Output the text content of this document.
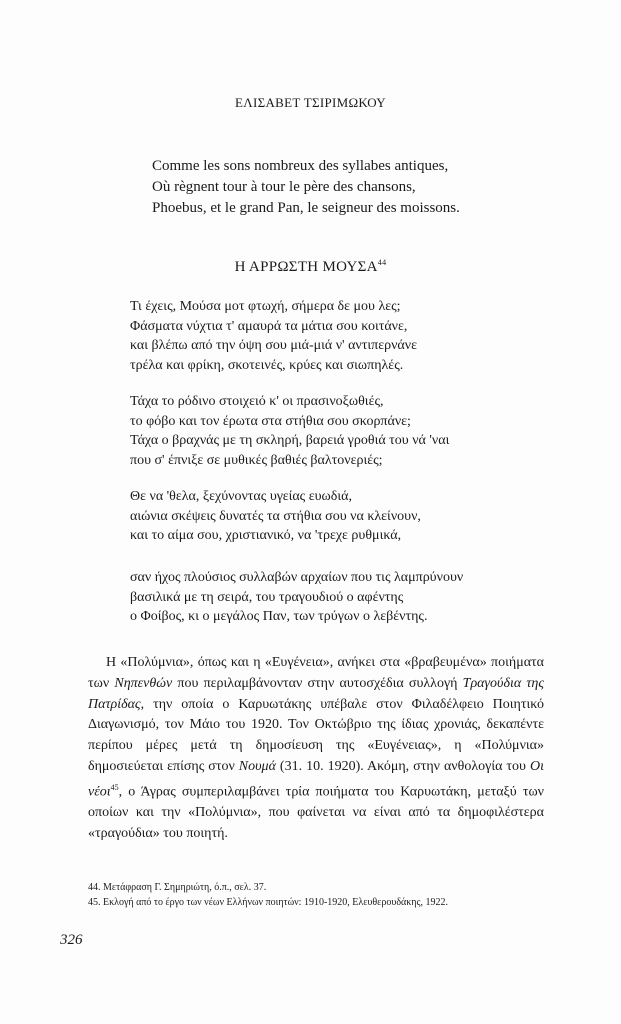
ΕΛΙΣΑΒΕΤ ΤΣΙΡΙΜΩΚΟΥ
Comme les sons nombreux des syllabes antiques,
Où règnent tour à tour le père des chansons,
Phoebus, et le grand Pan, le seigneur des moissons.
Η ΑΡΡΩΣΤΗ ΜΟΥΣΑ$^{44}$
Τι έχεις, Μούσα μοτ φτωχή, σήμερα δε μου λες;
Φάσματα νύχτια τ' αμαυρά τα μάτια σου κοιτάνε,
και βλέπω από την όψη σου μιά-μιά ν' αντιπερνάνε
τρέλα και φρίκη, σκοτεινές, κρύες και σιωπηλές.
Τάχα το ρόδινο στοιχειό κ' οι πρασινοξωθιές,
το φόβο και τον έρωτα στα στήθια σου σκορπάνε;
Τάχα ο βραχνάς με τη σκληρή, βαρειά γροθιά του νά 'ναι
που σ' έπνιξε σε μυθικές βαθιές βαλτονεριές;
Θε να 'θελα, ξεχύνοντας υγείας ευωδιά,
αιώνια σκέψεις δυνατές τα στήθια σου να κλείνουν,
και το αίμα σου, χριστιανικό, να 'τρεχε ρυθμικά,
σαν ήχος πλούσιος συλλαβών αρχαίων που τις λαμπρύνουν
βασιλικά με τη σειρά, του τραγουδιού ο αφέντης
ο Φοίβος, κι ο μεγάλος Παν, των τρύγων ο λεβέντης.

Η «Πολύμνια», όπως και η «Ευγένεια», ανήκει στα «βραβευμένα» ποιήματα των Νηπενθών που περιλαμβάνονταν στην αυτοσχέδια συλλογή Τραγούδια της Πατρίδας, την οποία ο Καρυωτάκης υπέβαλε στον Φιλαδέλφειο Ποιητικό Διαγωνισμό, τον Μάιο του 1920. Τον Οκτώβριο της ίδιας χρονιάς, δεκαπέντε περίπου μέρες μετά τη δημοσίευση της «Ευγένειας», η «Πολύμνια» δημοσιεύεται επίσης στον Νουμά (31. 10. 1920). Ακόμη, στην ανθολογία του Οι νέοι$^{45}$, ο Άγρας συμπεριλαμβάνει τρία ποιήματα του Καρυωτάκη, μεταξύ των οποίων και την «Πολύμνια», που φαίνεται να είναι από τα δημοφιλέστερα «τραγούδια» του ποιητή.

44. Μετάφραση Γ. Σημηριώτη, ό.π., σελ. 37.
45. Εκλογή από το έργο των νέων Ελλήνων ποιητών: 1910-1920, Ελευθερουδάκης, 1922.
326
